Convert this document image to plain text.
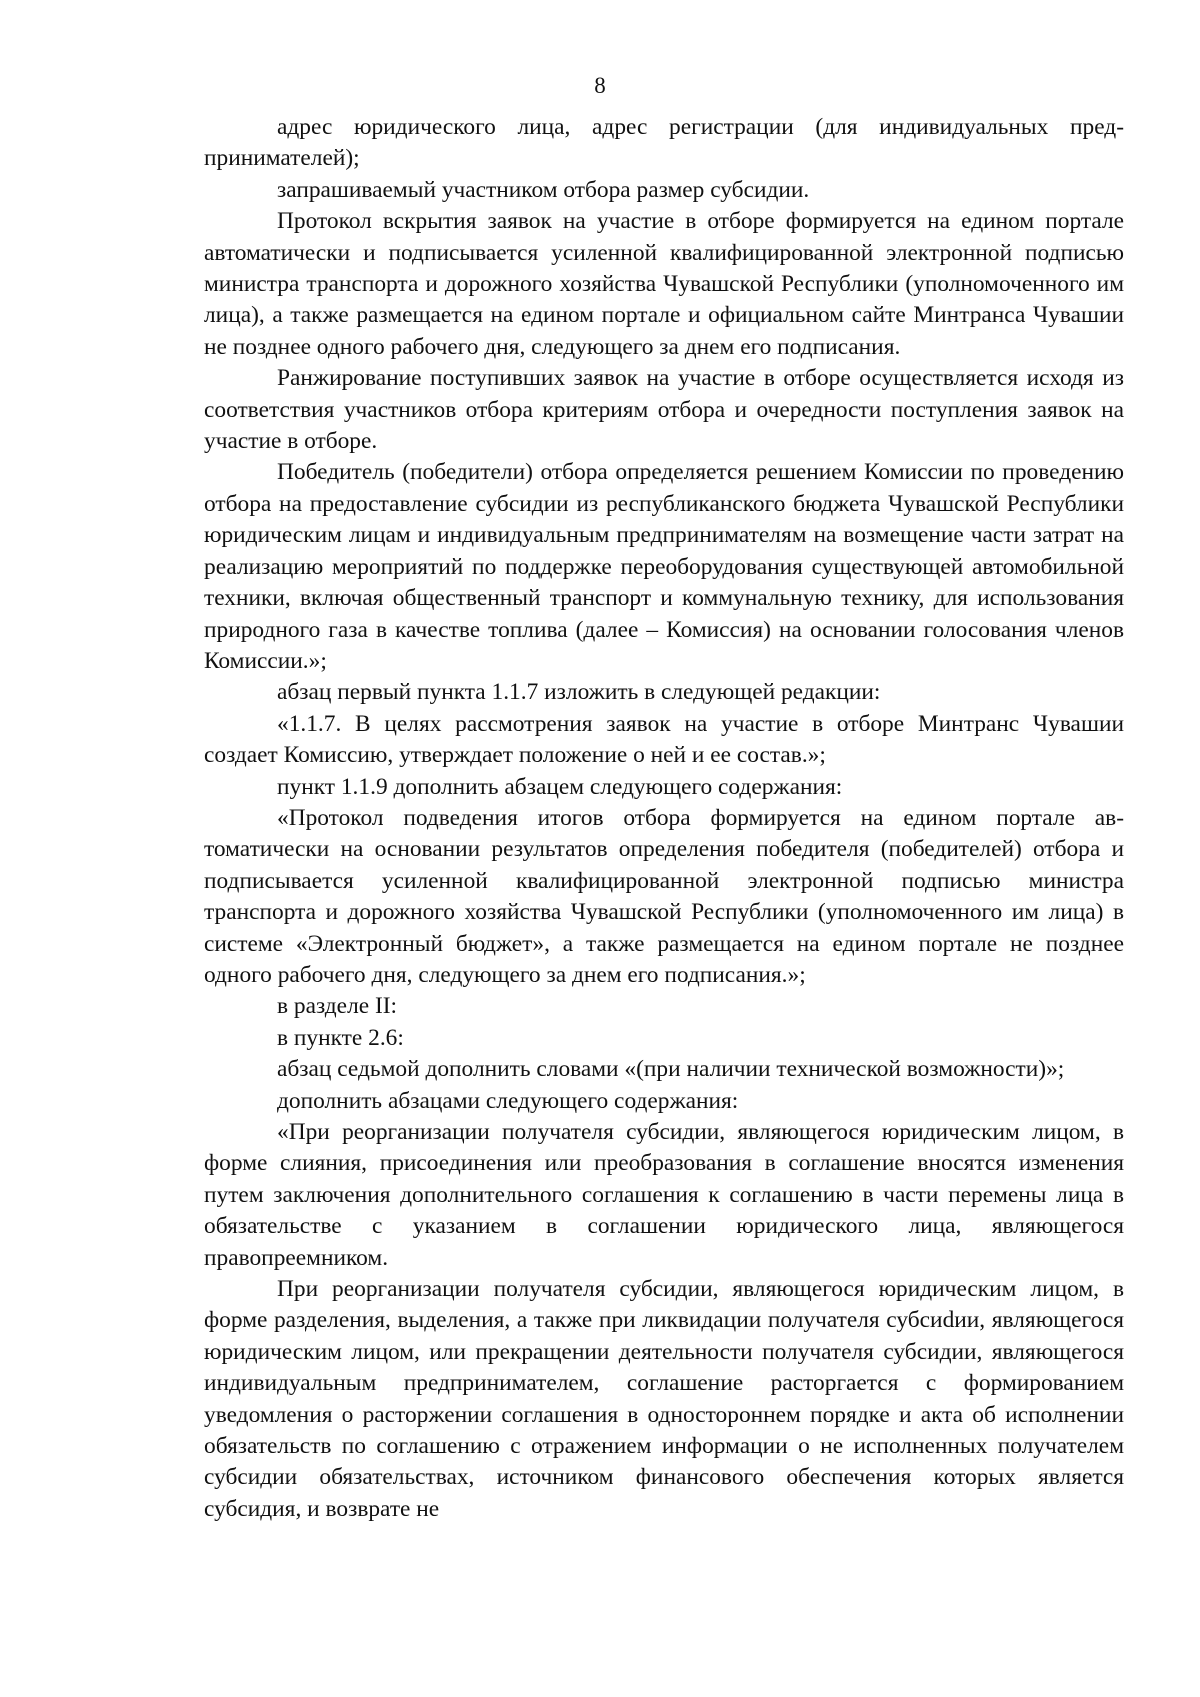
8

адрес юридического лица, адрес регистрации (для индивидуальных предпринимателей);

запрашиваемый участником отбора размер субсидии.

Протокол вскрытия заявок на участие в отборе формируется на едином портале автоматически и подписывается усиленной квалифицированной электронной подписью министра транспорта и дорожного хозяйства Чувашской Республики (уполномоченного им лица), а также размещается на едином портале и официальном сайте Минтранса Чувашии не позднее одного рабочего дня, следующего за днем его подписания.

Ранжирование поступивших заявок на участие в отборе осуществляется исходя из соответствия участников отбора критериям отбора и очередности поступления заявок на участие в отборе.

Победитель (победители) отбора определяется решением Комиссии по проведению отбора на предоставление субсидии из республиканского бюджета Чувашской Республики юридическим лицам и индивидуальным предпринимателям на возмещение части затрат на реализацию мероприятий по поддержке переоборудования существующей автомобильной техники, включая общественный транспорт и коммунальную технику, для использования природного газа в качестве топлива (далее – Комиссия) на основании голосования членов Комиссии.»;

абзац первый пункта 1.1.7 изложить в следующей редакции:

«1.1.7. В целях рассмотрения заявок на участие в отборе Минтранс Чувашии создает Комиссию, утверждает положение о ней и ее состав.»;

пункт 1.1.9 дополнить абзацем следующего содержания:

«Протокол подведения итогов отбора формируется на едином портале автоматически на основании результатов определения победителя (победителей) отбора и подписывается усиленной квалифицированной электронной подписью министра транспорта и дорожного хозяйства Чувашской Республики (уполномоченного им лица) в системе «Электронный бюджет», а также размещается на едином портале не позднее одного рабочего дня, следующего за днем его подписания.»;

в разделе II:

в пункте 2.6:

абзац седьмой дополнить словами «(при наличии технической возможности)»;

дополнить абзацами следующего содержания:

«При реорганизации получателя субсидии, являющегося юридическим лицом, в форме слияния, присоединения или преобразования в соглашение вносятся изменения путем заключения дополнительного соглашения к соглашению в части перемены лица в обязательстве с указанием в соглашении юридического лица, являющегося правопреемником.

При реорганизации получателя субсидии, являющегося юридическим лицом, в форме разделения, выделения, а также при ликвидации получателя субсиdии, являющегося юридическим лицом, или прекращении деятельности получателя субсидии, являющегося индивидуальным предпринимателем, соглашение расторгается с формированием уведомления о расторжении соглашения в одностороннем порядке и акта об исполнении обязательств по соглашению с отражением информации о не исполненных получателем субсидии обязательствах, источником финансового обеспечения которых является субсидия, и возврате не
